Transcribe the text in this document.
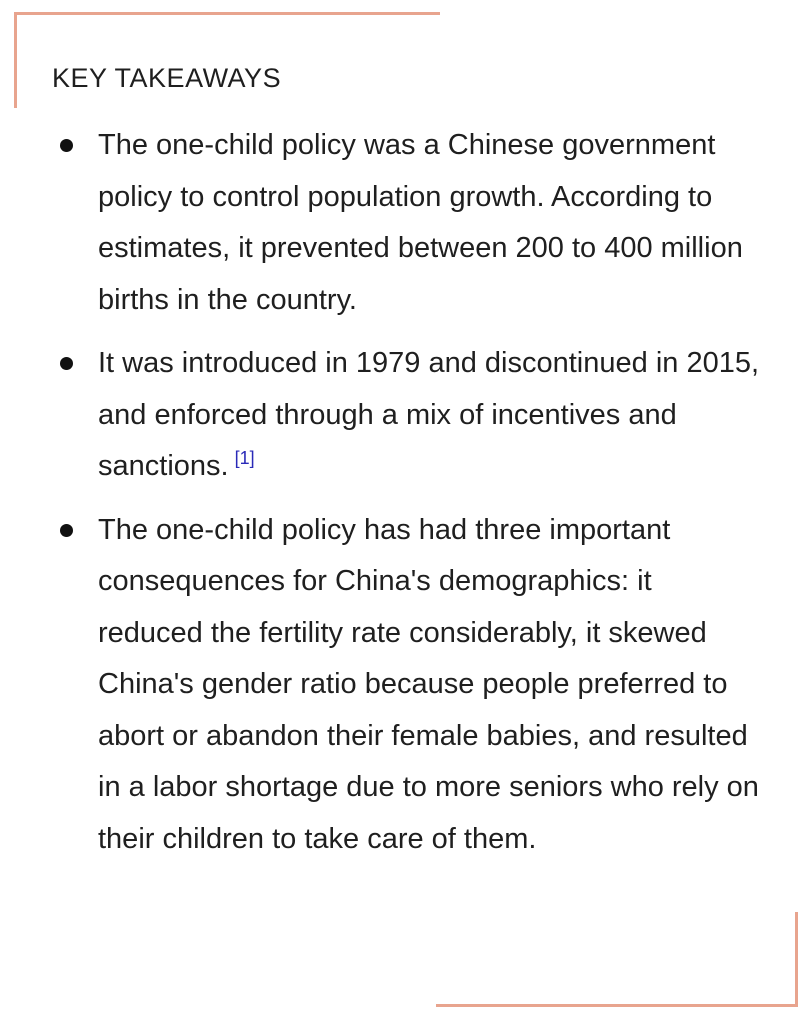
KEY TAKEAWAYS
The one-child policy was a Chinese government policy to control population growth. According to estimates, it prevented between 200 to 400 million births in the country.
It was introduced in 1979 and discontinued in 2015, and enforced through a mix of incentives and sanctions. [1]
The one-child policy has had three important consequences for China's demographics: it reduced the fertility rate considerably, it skewed China's gender ratio because people preferred to abort or abandon their female babies, and resulted in a labor shortage due to more seniors who rely on their children to take care of them.
